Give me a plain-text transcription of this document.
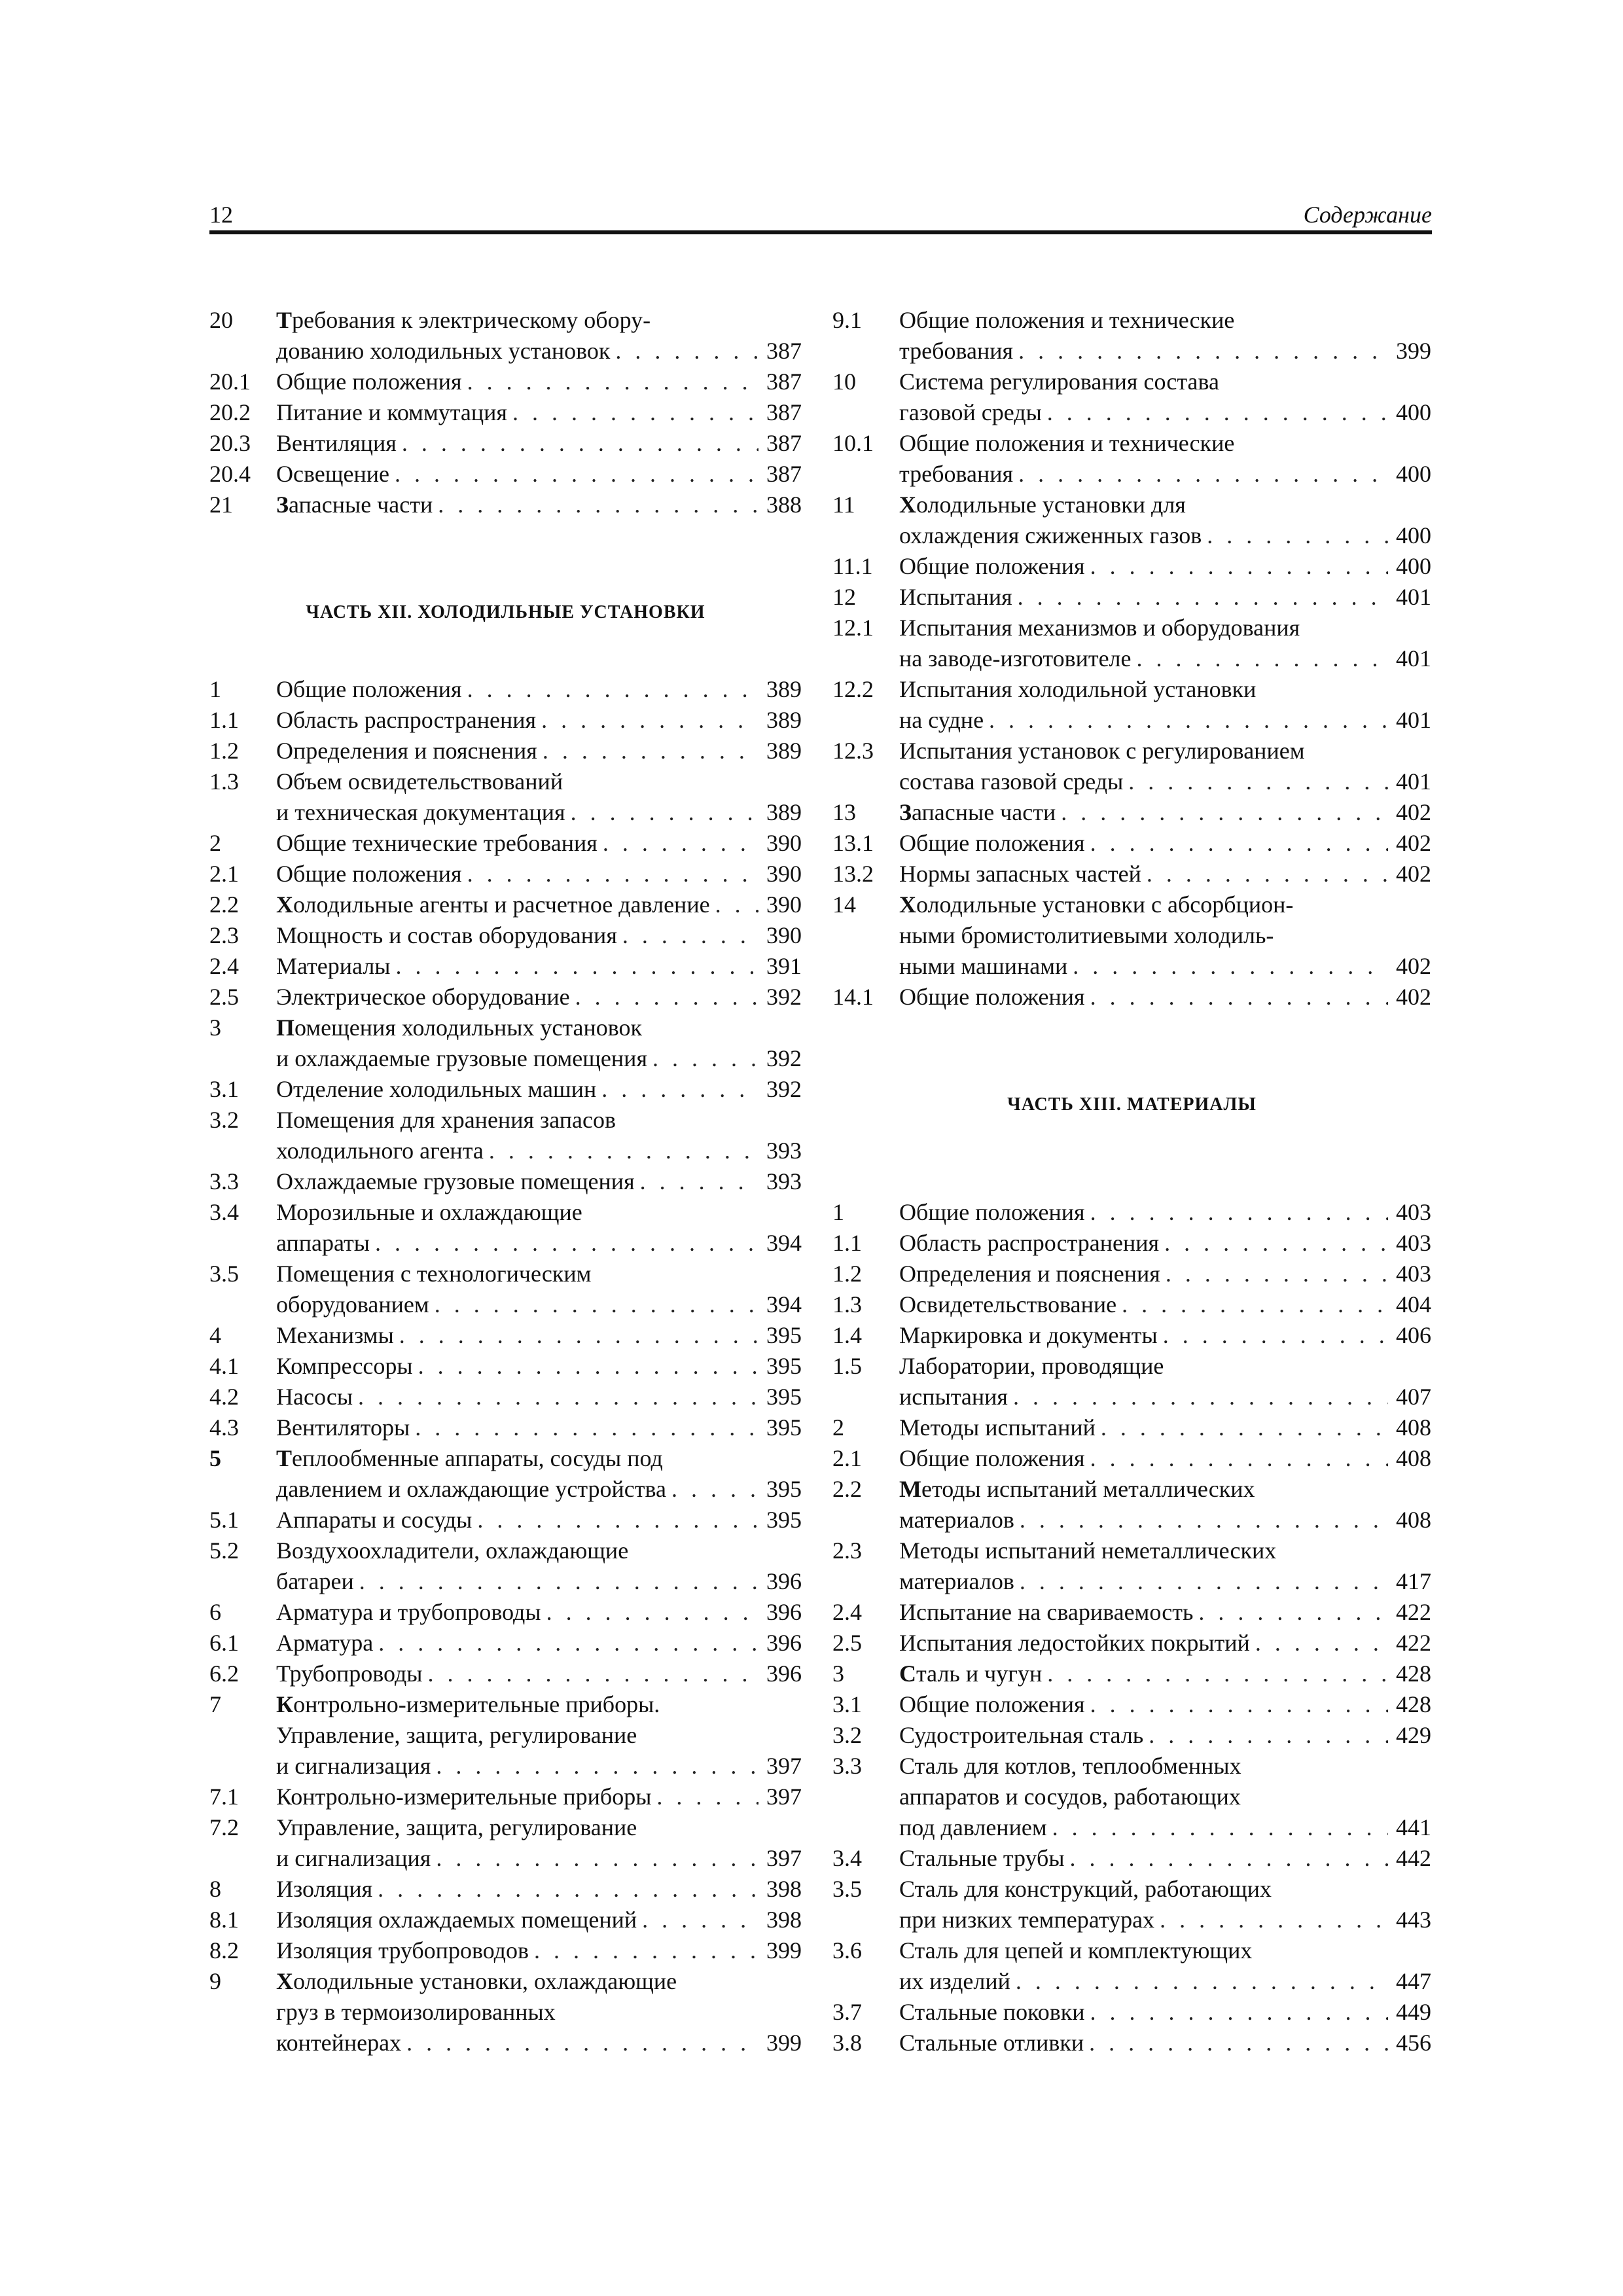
12	Содержание
20	Требования к электрическому обору-
дованию холодильных установок . . .	387
20.1	Общие положения . . .	387
20.2	Питание и коммутация . . .	387
20.3	Вентиляция . . .	387
20.4	Освещение . . .	387
21	Запасные части . . .	388
ЧАСТЬ XII. ХОЛОДИЛЬНЫЕ УСТАНОВКИ
1	Общие положения . . .	389
1.1	Область распространения . . .	389
1.2	Определения и пояснения . . .	389
1.3	Объем освидетельствований
и техническая документация . . .	389
2	Общие технические требования . . .	390
2.1	Общие положения . . .	390
2.2	Холодильные агенты и расчетное давление . . .	390
2.3	Мощность и состав оборудования . . .	390
2.4	Материалы . . .	391
2.5	Электрическое оборудование . . .	392
3	Помещения холодильных установок
и охлаждаемые грузовые помещения . . .	392
3.1	Отделение холодильных машин . . .	392
3.2	Помещения для хранения запасов
холодильного агента . . .	393
3.3	Охлаждаемые грузовые помещения . . .	393
3.4	Морозильные и охлаждающие
аппараты . . .	394
3.5	Помещения с технологическим
оборудованием . . .	394
4	Механизмы . . .	395
4.1	Компрессоры . . .	395
4.2	Насосы . . .	395
4.3	Вентиляторы . . .	395
5	Теплообменные аппараты, сосуды под
давлением и охлаждающие устройства . . .	395
5.1	Аппараты и сосуды . . .	395
5.2	Воздухоохладители, охлаждающие
батареи . . .	396
6	Арматура и трубопроводы . . .	396
6.1	Арматура . . .	396
6.2	Трубопроводы . . .	396
7	Контрольно-измерительные приборы.
Управление, защита, регулирование
и сигнализация . . .	397
7.1	Контрольно-измерительные приборы . . .	397
7.2	Управление, защита, регулирование
и сигнализация . . .	397
8	Изоляция . . .	398
8.1	Изоляция охлаждаемых помещений . . .	398
8.2	Изоляция трубопроводов . . .	399
9	Холодильные установки, охлаждающие
груз в термоизолированных
контейнерах . . .	399
9.1	Общие положения и технические
требования . . .	399
10	Система регулирования состава
газовой среды . . .	400
10.1	Общие положения и технические
требования . . .	400
11	Холодильные установки для
охлаждения сжиженных газов . . .	400
11.1	Общие положения . . .	400
12	Испытания . . .	401
12.1	Испытания механизмов и оборудования
на заводе-изготовителе . . .	401
12.2	Испытания холодильной установки
на судне . . .	401
12.3	Испытания установок с регулированием
состава газовой среды . . .	401
13	Запасные части . . .	402
13.1	Общие положения . . .	402
13.2	Нормы запасных частей . . .	402
14	Холодильные установки с абсорбцион-
ными бромистолитиевыми холодиль-
ными машинами . . .	402
14.1	Общие положения . . .	402
ЧАСТЬ XIII. МАТЕРИАЛЫ
1	Общие положения . . .	403
1.1	Область распространения . . .	403
1.2	Определения и пояснения . . .	403
1.3	Освидетельствование . . .	404
1.4	Маркировка и документы . . .	406
1.5	Лаборатории, проводящие
испытания . . .	407
2	Методы испытаний . . .	408
2.1	Общие положения . . .	408
2.2	Методы испытаний металлических
материалов . . .	408
2.3	Методы испытаний неметаллических
материалов . . .	417
2.4	Испытание на свариваемость . . .	422
2.5	Испытания ледостойких покрытий . . .	422
3	Сталь и чугун . . .	428
3.1	Общие положения . . .	428
3.2	Судостроительная сталь . . .	429
3.3	Сталь для котлов, теплообменных
аппаратов и сосудов, работающих
под давлением . . .	441
3.4	Стальные трубы . . .	442
3.5	Сталь для конструкций, работающих
при низких температурах . . .	443
3.6	Сталь для цепей и комплектующих
их изделий . . .	447
3.7	Стальные поковки . . .	449
3.8	Стальные отливки . . .	456
